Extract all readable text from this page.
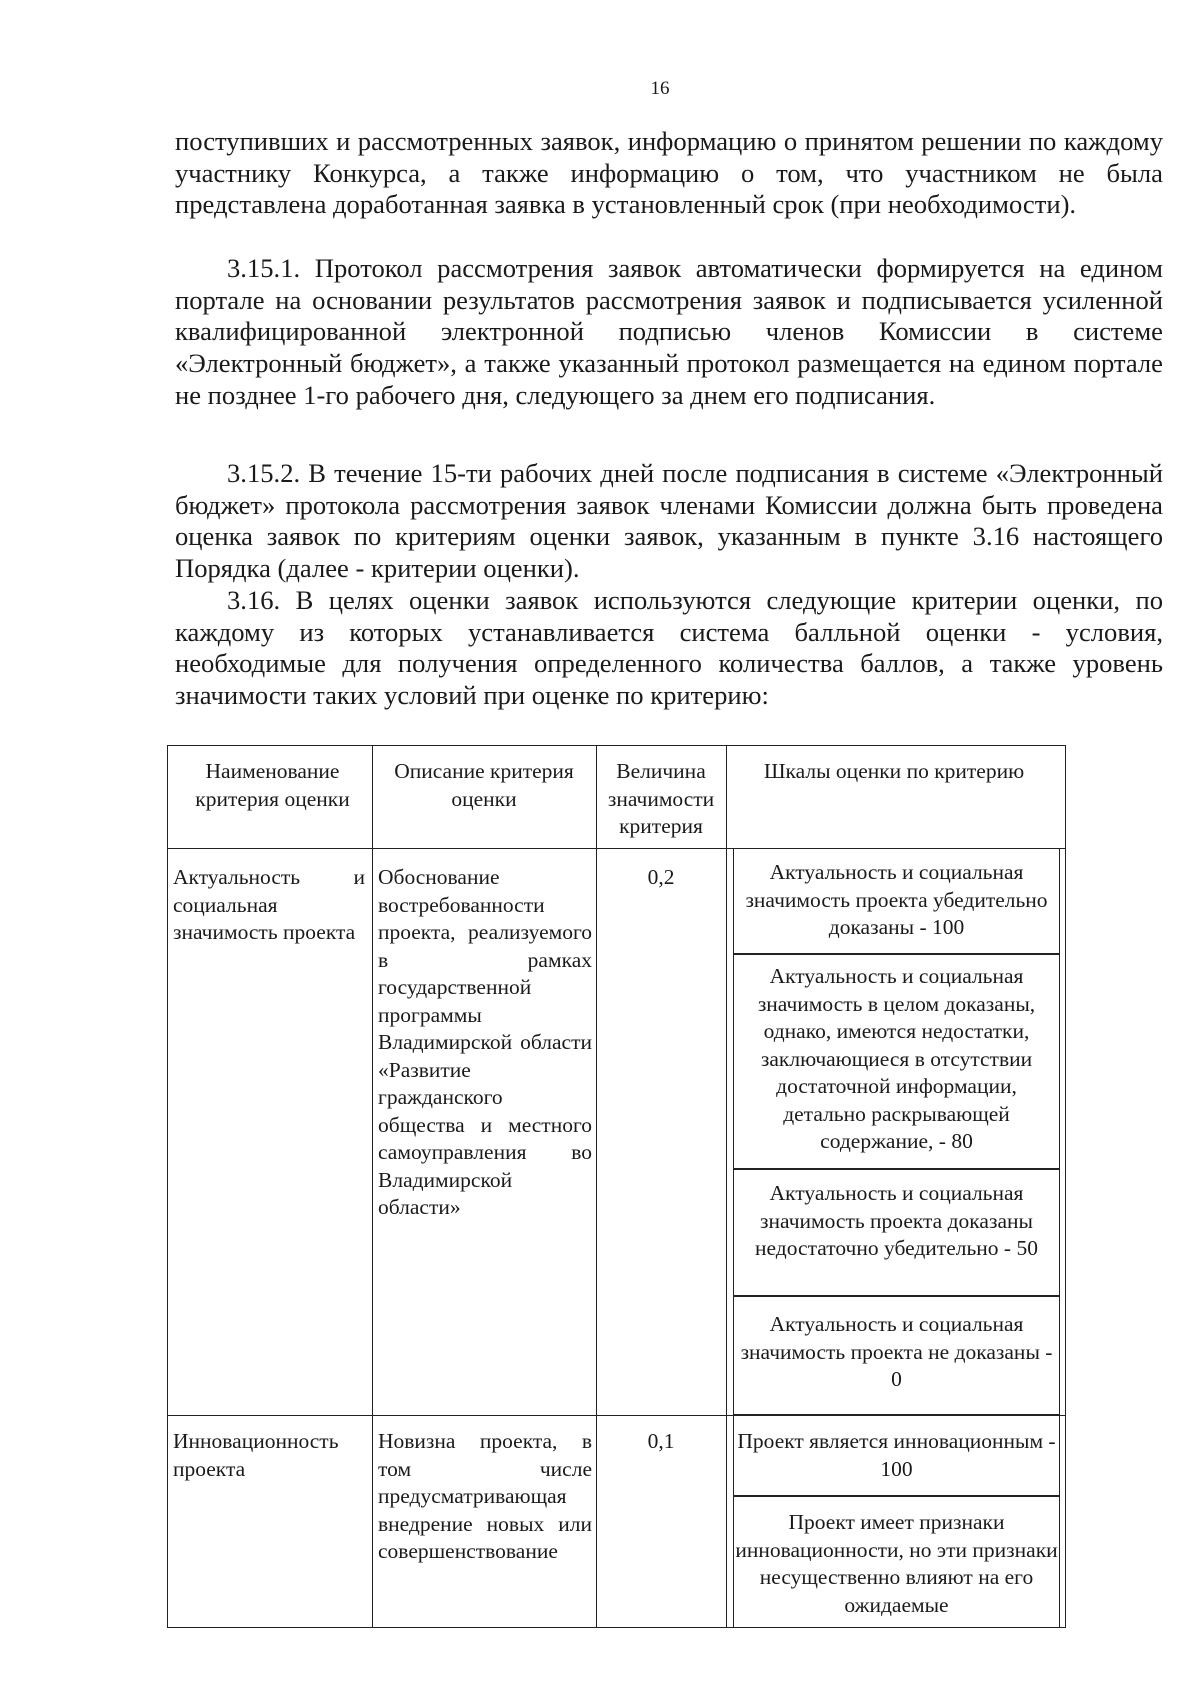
16

поступивших и рассмотренных заявок, информацию о принятом решении по каждому участнику Конкурса, а также информацию о том, что участником не была представлена доработанная заявка в установленный срок (при необходимости).

3.15.1. Протокол рассмотрения заявок автоматически формируется на едином портале на основании результатов рассмотрения заявок и подписывается усиленной квалифицированной электронной подписью членов Комиссии в системе «Электронный бюджет», а также указанный протокол размещается на едином портале не позднее 1-го рабочего дня, следующего за днем его подписания.

3.15.2. В течение 15-ти рабочих дней после подписания в системе «Электронный бюджет» протокола рассмотрения заявок членами Комиссии должна быть проведена оценка заявок по критериям оценки заявок, указанным в пункте 3.16 настоящего Порядка (далее - критерии оценки).

3.16. В целях оценки заявок используются следующие критерии оценки, по каждому из которых устанавливается система балльной оценки - условия, необходимые для получения определенного количества баллов, а также уровень значимости таких условий при оценке по критерию:

Наименование критерия оценки
Описание критерия оценки
Величина значимости критерия
Шкалы оценки по критерию
Актуальность и социальная значимость проекта
Обоснование востребованности проекта, реализуемого в рамках государственной программы Владимирской области «Развитие гражданского общества и местного самоуправления во Владимирской области»
0,2	Актуальность и социальная значимость проекта убедительно доказаны - 100

Актуальность и социальная значимость в целом доказаны, однако, имеются недостатки, заключающиеся в отсутствии достаточной информации, детально раскрывающей содержание, - 80

Актуальность и социальная значимость проекта доказаны недостаточно убедительно - 50

Актуальность и социальная значимость проекта не доказаны - 0

Инновационность проекта
Новизна проекта, в том числе предусматривающая внедрение новых или совершенствование
0,1	Проект является инновационным - 100

Проект имеет признаки инновационности, но эти признаки несущественно влияют на его ожидаемые
